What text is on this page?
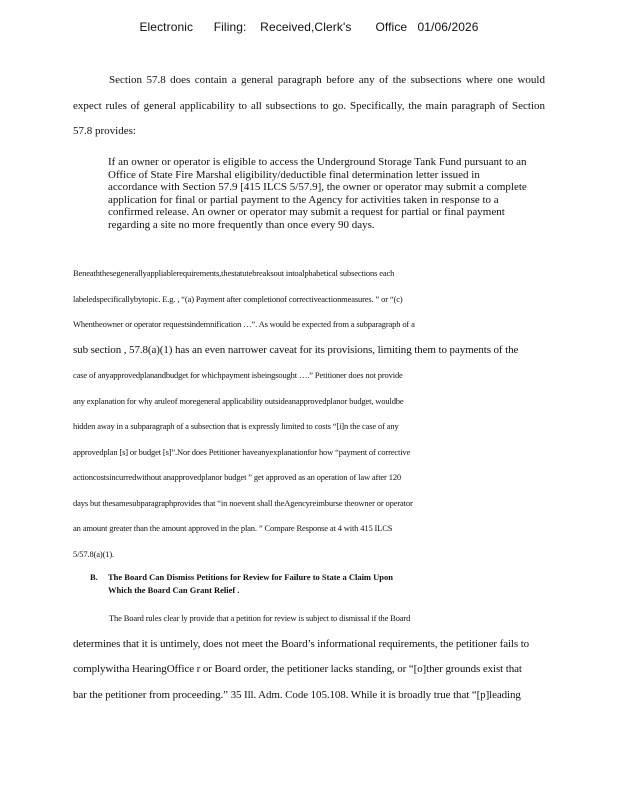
Electronic      Filing:    Received,Clerk's       Office   01/06/2026
Section 57.8 does contain a general paragraph before any of the subsections where one would expect rules of general applicability to all subsections to go. Specifically, the main paragraph of Section 57.8 provides:
If an owner or operator is eligible to access the Underground Storage Tank Fund pursuant to an Office of State Fire Marshal eligibility/deductible final determination letter issued in accordance with Section 57.9 [415 ILCS 5/57.9], the owner or operator may submit a complete application for final or partial payment to the Agency for activities taken in response to a confirmed release. An owner or operator may submit a request for partial or final payment regarding a site no more frequently than once every 90 days.
Beneaththesegenerallyappliablerequirements,thestatutebreaksout intoalphabetical subsections each
labeledspecificallybytopic. E.g. , “(a) Payment after completionof correctiveactionmeasures. ” or “(c)
Whentheowner or operator requestsindemnification …”. As would be expected from a subparagraph of a
sub section , 57.8(a)(1) has an even narrower caveat for its provisions, limiting them to payments of the
case of anyapprovedplanandbudget for whichpayment isbeingsought ….” Petitioner does not provide
any explanation for why aruleof moregeneral applicability outsideanapprovedplanor budget, wouldbe
hidden away in a subparagraph of a subsection that is expressly limited to costs “[i]n the case of any
approvedplan [s] or budget [s]”.Nor does Petitioner haveanyexplanationfor how “payment of corrective
actioncostsincurredwithout anapprovedplanor budget ” get approved as an operation of law after 120
days but thesamesubparagraphprovides that “in noevent shall theAgencyreimburse theowner or operator
an amount greater than the amount approved in the plan. ” Compare Response at 4 with 415 ILCS
5/57.8(a)(1).
B. The Board Can Dismiss Petitions for Review for Failure to State a Claim Upon
Which the Board Can Grant Relief .
The Board rules clear ly provide that a petition for review is subject to dismissal if the Board
determines that it is untimely, does not meet the Board’s informational requirements, the petitioner fails to
complywitha HearingOffice r or Board order, the petitioner lacks standing, or “[o]ther grounds exist that
bar the petitioner from proceeding.” 35 Ill. Adm. Code 105.108. While it is broadly true that “[p]leading
